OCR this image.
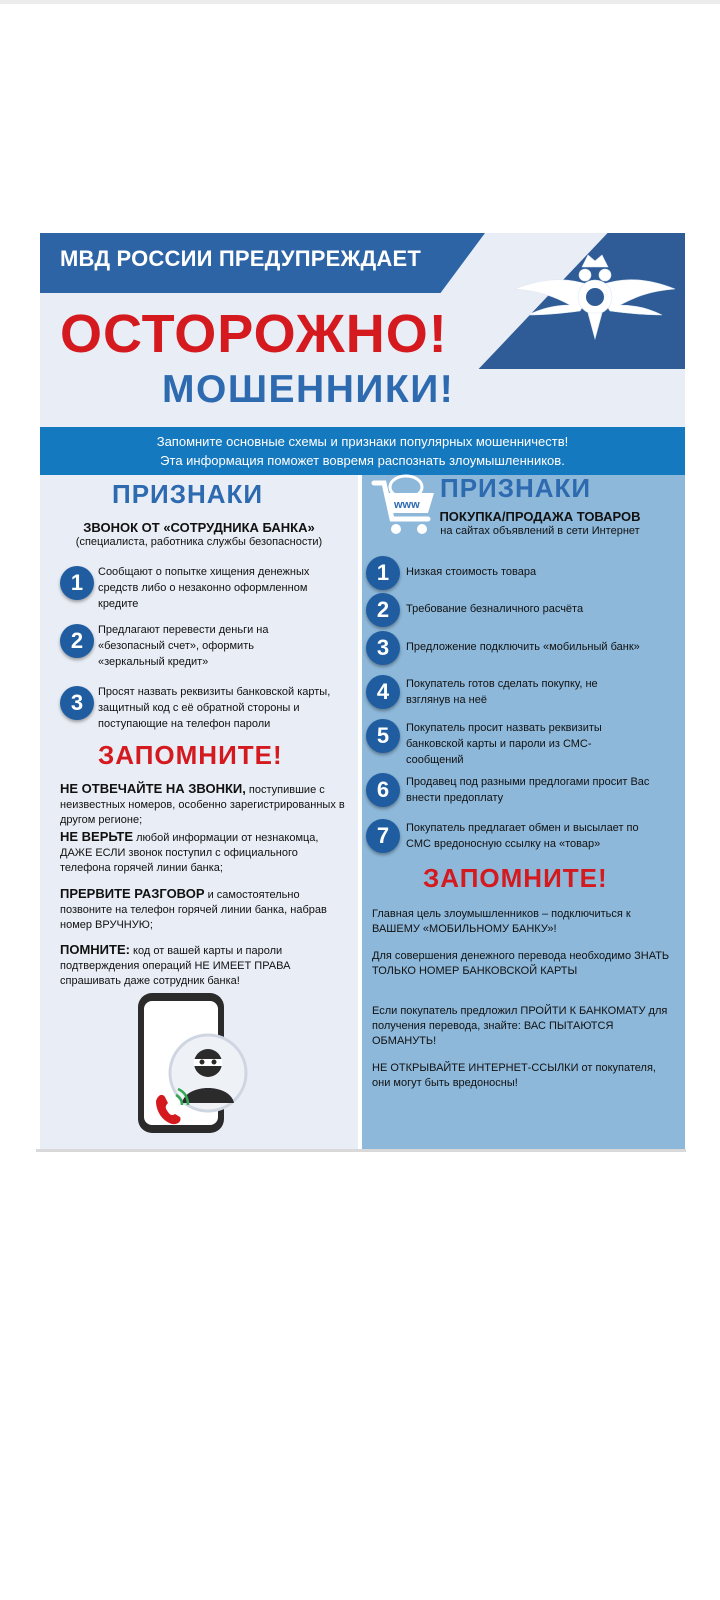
МВД РОССИИ ПРЕДУПРЕЖДАЕТ
ОСТОРОЖНО!
МОШЕННИКИ!
Запомните основные схемы и признаки популярных мошенничеств!
Эта информация поможет вовремя распознать злоумышленников.
ПРИЗНАКИ
ЗВОНОК ОТ «СОТРУДНИКА БАНКА»
(специалиста, работника службы безопасности)
1	Сообщают о попытке хищения денежных средств либо о незаконно оформленном кредите
2	Предлагают перевести деньги на «безопасный счет», оформить «зеркальный кредит»
3	Просят назвать реквизиты банковской карты, защитный код с её обратной стороны и поступающие на телефон пароли
ЗАПОМНИТЕ!
НЕ ОТВЕЧАЙТЕ НА ЗВОНКИ, поступившие с неизвестных номеров, особенно зарегистрированных в другом регионе;
НЕ ВЕРЬТЕ любой информации от незнакомца, ДАЖЕ ЕСЛИ звонок поступил с официального телефона горячей линии банка;
ПРЕРВИТЕ РАЗГОВОР и самостоятельно позвоните на телефон горячей линии банка, набрав номер ВРУЧНУЮ;
ПОМНИТЕ: код от вашей карты и пароли подтверждения операций НЕ ИМЕЕТ ПРАВА спрашивать даже сотрудник банка!
www
ПРИЗНАКИ
ПОКУПКА/ПРОДАЖА ТОВАРОВ
на сайтах объявлений в сети Интернет
1	Низкая стоимость товара
2	Требование безналичного расчёта
3	Предложение подключить «мобильный банк»
4	Покупатель готов сделать покупку, не взглянув на неё
5	Покупатель просит назвать реквизиты банковской карты и пароли из СМС-сообщений
6	Продавец под разными предлогами просит Вас внести предоплату
7	Покупатель предлагает обмен и высылает по СМС вредоносную ссылку на «товар»
ЗАПОМНИТЕ!
Главная цель злоумышленников – подключиться к ВАШЕМУ «МОБИЛЬНОМУ БАНКУ»!
Для совершения денежного перевода необходимо ЗНАТЬ ТОЛЬКО НОМЕР БАНКОВСКОЙ КАРТЫ
Если покупатель предложил ПРОЙТИ К БАНКОМАТУ для получения перевода, знайте: ВАС ПЫТАЮТСЯ ОБМАНУТЬ!
НЕ ОТКРЫВАЙТЕ ИНТЕРНЕТ-ССЫЛКИ от покупателя, они могут быть вредоносны!
